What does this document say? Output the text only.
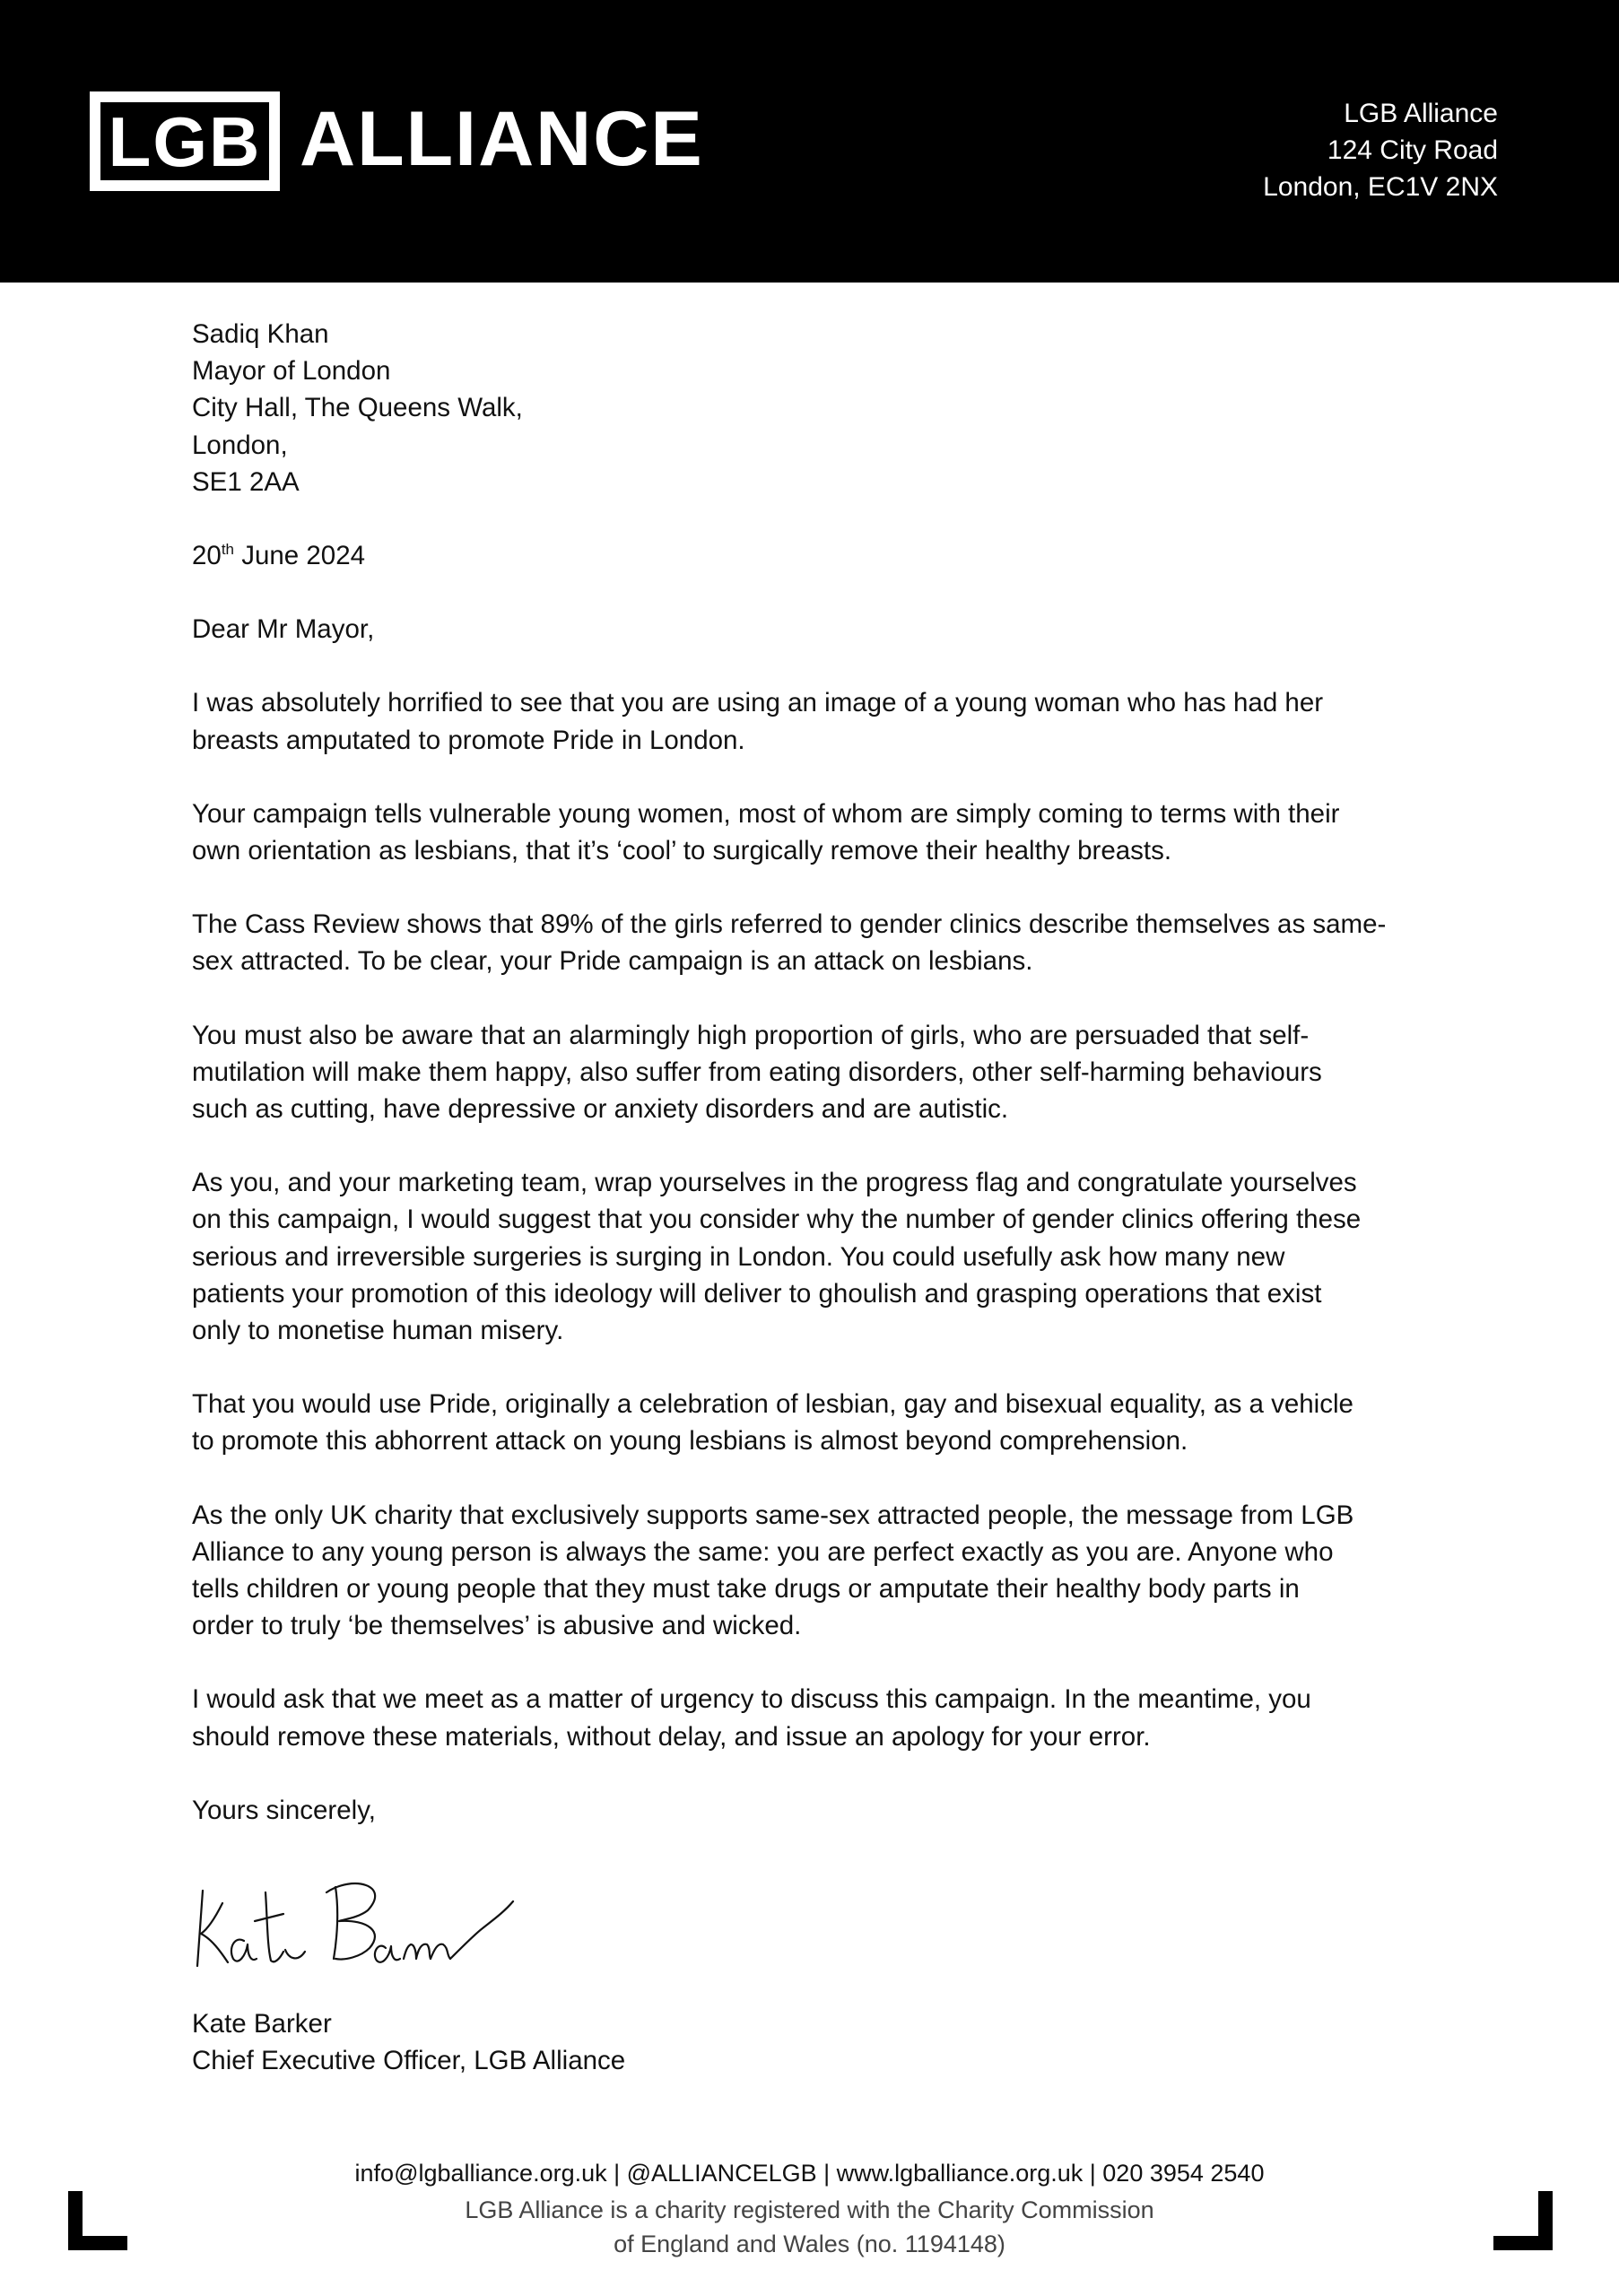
LGB ALLIANCE	LGB Alliance
124 City Road
London, EC1V 2NX

Sadiq Khan
Mayor of London
City Hall, The Queens Walk,
London,
SE1 2AA

20th June 2024

Dear Mr Mayor,

I was absolutely horrified to see that you are using an image of a young woman who has had her
breasts amputated to promote Pride in London.

Your campaign tells vulnerable young women, most of whom are simply coming to terms with their
own orientation as lesbians, that it’s ‘cool’ to surgically remove their healthy breasts.

The Cass Review shows that 89% of the girls referred to gender clinics describe themselves as same-
sex attracted. To be clear, your Pride campaign is an attack on lesbians.

You must also be aware that an alarmingly high proportion of girls, who are persuaded that self-
mutilation will make them happy, also suffer from eating disorders, other self-harming behaviours
such as cutting, have depressive or anxiety disorders and are autistic.

As you, and your marketing team, wrap yourselves in the progress flag and congratulate yourselves
on this campaign, I would suggest that you consider why the number of gender clinics offering these
serious and irreversible surgeries is surging in London. You could usefully ask how many new
patients your promotion of this ideology will deliver to ghoulish and grasping operations that exist
only to monetise human misery.

That you would use Pride, originally a celebration of lesbian, gay and bisexual equality, as a vehicle
to promote this abhorrent attack on young lesbians is almost beyond comprehension.

As the only UK charity that exclusively supports same-sex attracted people, the message from LGB
Alliance to any young person is always the same: you are perfect exactly as you are. Anyone who
tells children or young people that they must take drugs or amputate their healthy body parts in
order to truly ‘be themselves’ is abusive and wicked.

I would ask that we meet as a matter of urgency to discuss this campaign. In the meantime, you
should remove these materials, without delay, and issue an apology for your error.

Yours sincerely,

Kate Barker
Chief Executive Officer, LGB Alliance
info@lgballiance.org.uk | @ALLIANCELGB | www.lgballiance.org.uk | 020 3954 2540
LGB Alliance is a charity registered with the Charity Commission
of England and Wales (no. 1194148)
